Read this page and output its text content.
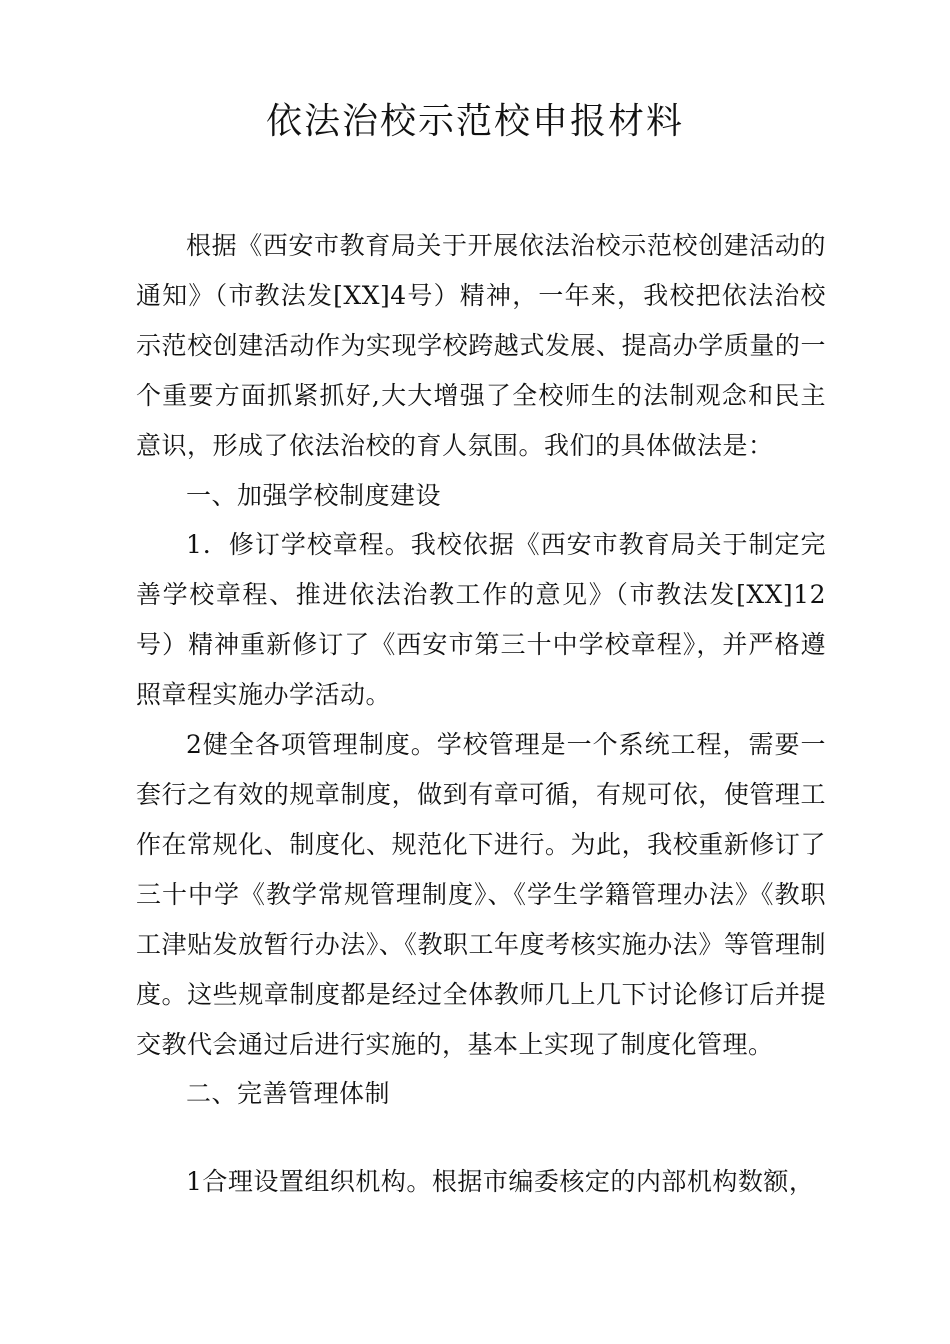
依法治校示范校申报材料

根据《西安市教育局关于开展依法治校示范校创建活动的通知》（市教法发[XX]4号）精神，一年来，我校把依法治校示范校创建活动作为实现学校跨越式发展、提高办学质量的一个重要方面抓紧抓好,大大增强了全校师生的法制观念和民主意识，形成了依法治校的育人氛围。我们的具体做法是：

一、加强学校制度建设

1．修订学校章程。我校依据《西安市教育局关于制定完善学校章程、推进依法治教工作的意见》（市教法发[XX]12号）精神重新修订了《西安市第三十中学校章程》，并严格遵照章程实施办学活动。

2健全各项管理制度。学校管理是一个系统工程，需要一套行之有效的规章制度，做到有章可循，有规可依，使管理工作在常规化、制度化、规范化下进行。为此，我校重新修订了三十中学《教学常规管理制度》、《学生学籍管理办法》《教职工津贴发放暂行办法》、《教职工年度考核实施办法》等管理制度。这些规章制度都是经过全体教师几上几下讨论修订后并提交教代会通过后进行实施的，基本上实现了制度化管理。

二、完善管理体制

1合理设置组织机构。根据市编委核定的内部机构数额，
